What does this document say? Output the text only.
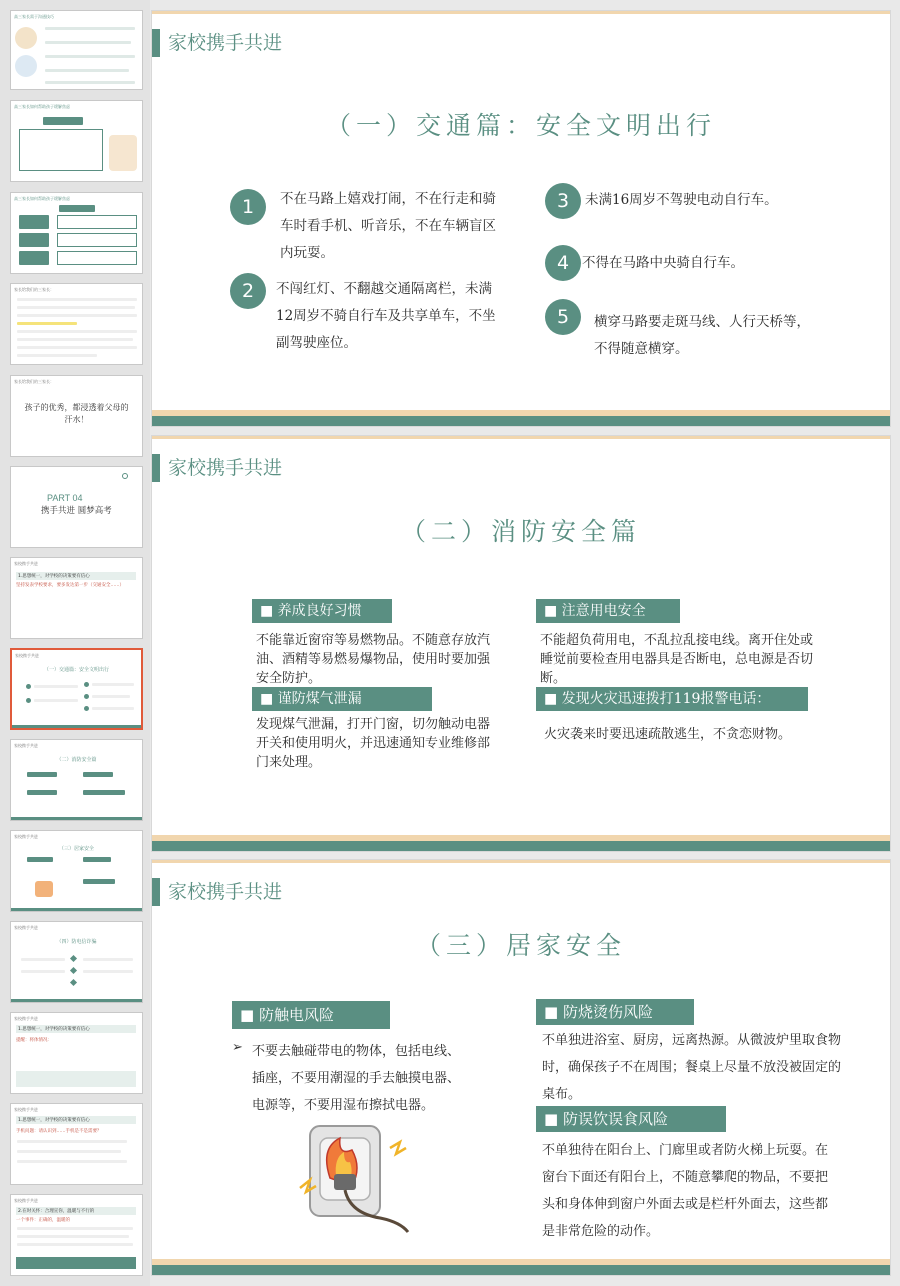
高三家长需于沟通技巧
高三家长如何帮助孩子缓解焦虑
高三家长如何帮助孩子缓解焦虑
家长给我们的三家长：
家长给我们的三家长：
孩子的优秀，都浸透着父母的汗水！
PART 04
携手共进 圆梦高考
家校携手共进
1.思想统一，对学校的决策要有信心
坚持发表学校要求，要多发达第一步（交通安全……）
家校携手共进
（一）交通篇：安全文明出行
家校携手共进
（二）消防安全篇
家校携手共进
（三）居家安全
家校携手共进
（四）防电信诈骗
家校携手共进
1.思想统一，对学校的决策要有信心
提醒：将体情况：
家校携手共进
1.思想统一，对学校的决策要有信心
手机问题：请认识到……手机是不是需要？
家校携手共进
2.在时关怀：合理宣你，温暖与不行的
一个事件：正确的，温暖的
家校携手共进
（一）交通篇：安全文明出行
1	不在马路上嬉戏打闹，不在行走和骑
车时看手机、听音乐，不在车辆盲区
内玩耍。
2	不闯红灯、不翻越交通隔离栏，未满
12周岁不骑自行车及共享单车，不坐
副驾驶座位。
3	未满16周岁不驾驶电动自行车。
4 不得在马路中央骑自行车。
5	横穿马路要走斑马线、人行天桥等，
不得随意横穿。
家校携手共进
（二）消防安全篇
■ 养成良好习惯
不能靠近窗帘等易燃物品。不随意存放汽
油、酒精等易燃易爆物品，使用时要加强
安全防护。
■ 注意用电安全
不能超负荷用电，不乱拉乱接电线。离开住处或
睡觉前要检查用电器具是否断电，总电源是否切
断。
■ 谨防煤气泄漏
发现煤气泄漏，打开门窗，切勿触动电器
开关和使用明火，并迅速通知专业维修部
门来处理。
■ 发现火灾迅速拨打119报警电话：
火灾袭来时要迅速疏散逃生，不贪恋财物。
家校携手共进
（三）居家安全
■ 防触电风险
➢ 不要去触碰带电的物体，包括电线、
插座，不要用潮湿的手去触摸电器、
电源等，不要用湿布擦拭电器。
■ 防烧烫伤风险
不单独进浴室、厨房，远离热源。从微波炉里取食物
时，确保孩子不在周围；餐桌上尽量不放没被固定的
桌布。
■ 防误饮误食风险
不单独待在阳台上、门廊里或者防火梯上玩耍。在
窗台下面还有阳台上，不随意攀爬的物品，不要把
头和身体伸到窗户外面去或是栏杆外面去，这些都
是非常危险的动作。
